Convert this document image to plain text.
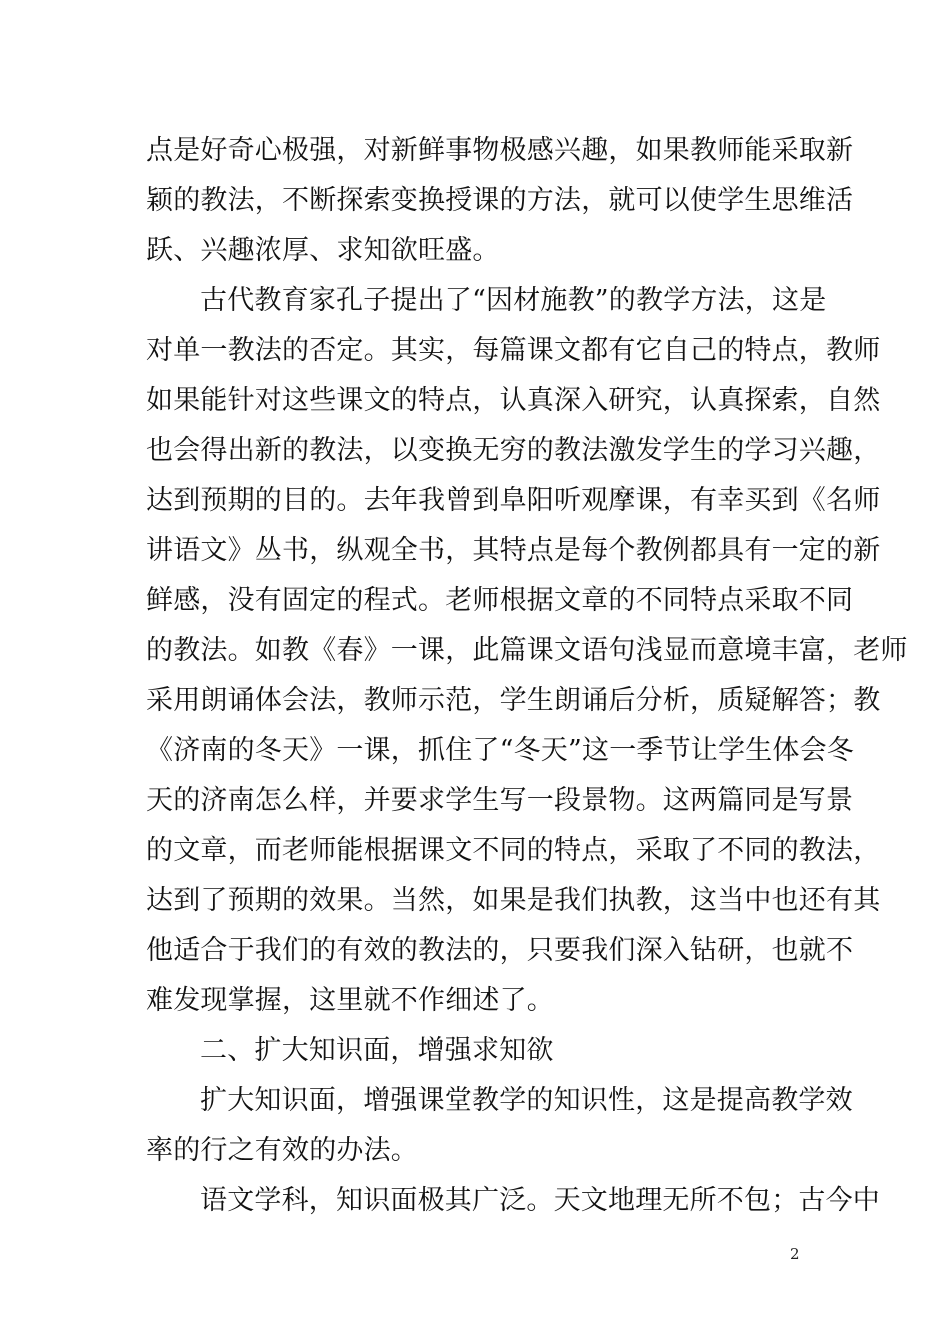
点是好奇心极强，对新鲜事物极感兴趣，如果教师能采取新
颖的教法，不断探索变换授课的方法，就可以使学生思维活
跃、兴趣浓厚、求知欲旺盛。
古代教育家孔子提出了“因材施教”的教学方法，这是
对单一教法的否定。其实，每篇课文都有它自己的特点，教师
如果能针对这些课文的特点，认真深入研究，认真探索，自然
也会得出新的教法，以变换无穷的教法激发学生的学习兴趣，
达到预期的目的。去年我曾到阜阳听观摩课，有幸买到《名师
讲语文》丛书，纵观全书，其特点是每个教例都具有一定的新
鲜感，没有固定的程式。老师根据文章的不同特点采取不同
的教法。如教《春》一课，此篇课文语句浅显而意境丰富，老师
采用朗诵体会法，教师示范，学生朗诵后分析，质疑解答；教
《济南的冬天》一课，抓住了“冬天”这一季节让学生体会冬
天的济南怎么样，并要求学生写一段景物。这两篇同是写景
的文章，而老师能根据课文不同的特点，采取了不同的教法，
达到了预期的效果。当然，如果是我们执教，这当中也还有其
他适合于我们的有效的教法的，只要我们深入钻研，也就不
难发现掌握，这里就不作细述了。
二、扩大知识面，增强求知欲
扩大知识面，增强课堂教学的知识性，这是提高教学效
率的行之有效的办法。
语文学科，知识面极其广泛。天文地理无所不包；古今中
2
